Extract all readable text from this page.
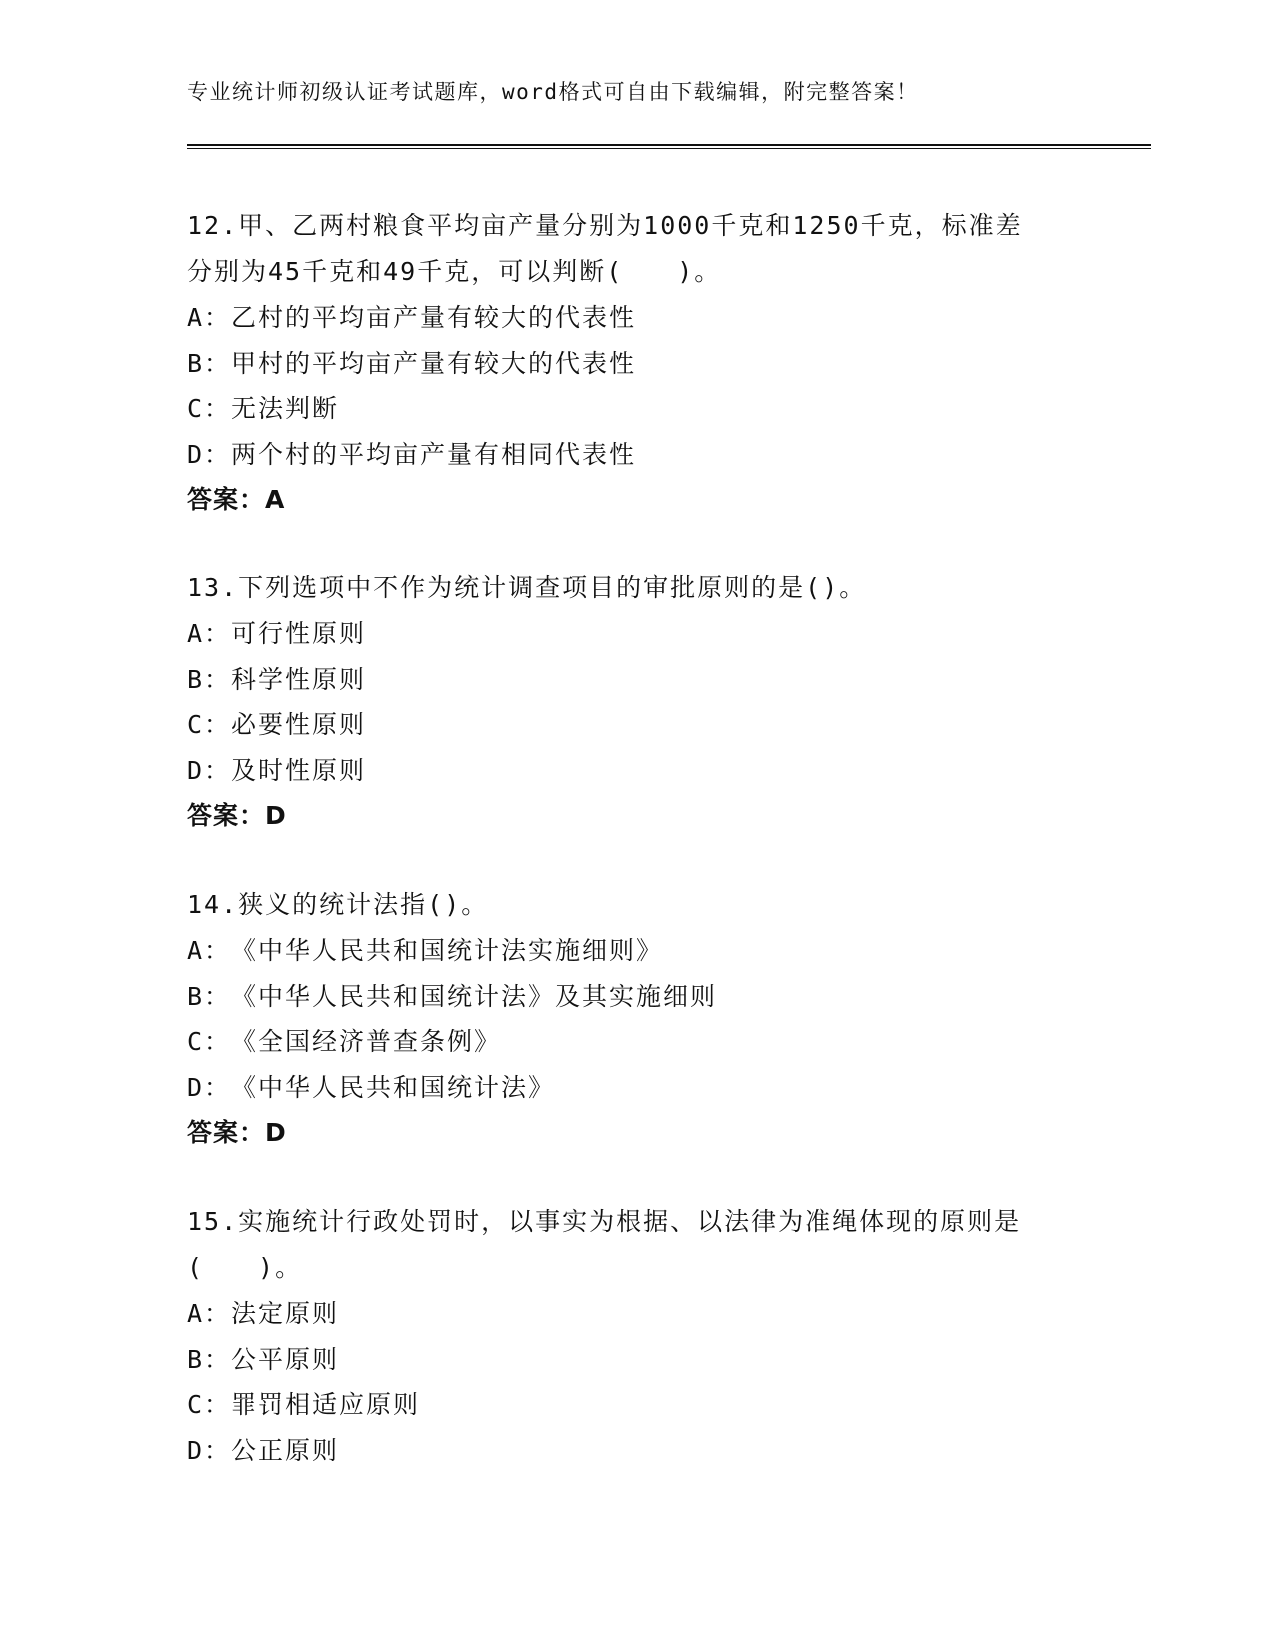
专业统计师初级认证考试题库，word格式可自由下载编辑，附完整答案！

12.甲、乙两村粮食平均亩产量分别为1000千克和1250千克，标准差

分别为45千克和49千克，可以判断(　　)。

A：乙村的平均亩产量有较大的代表性

B：甲村的平均亩产量有较大的代表性

C：无法判断

D：两个村的平均亩产量有相同代表性

答案：A

13.下列选项中不作为统计调查项目的审批原则的是()。

A：可行性原则

B：科学性原则

C：必要性原则

D：及时性原则

答案：D

14.狭义的统计法指()。

A：《中华人民共和国统计法实施细则》

B：《中华人民共和国统计法》及其实施细则

C：《全国经济普查条例》

D：《中华人民共和国统计法》

答案：D

15.实施统计行政处罚时，以事实为根据、以法律为准绳体现的原则是

(　　)。

A：法定原则

B：公平原则

C：罪罚相适应原则

D：公正原则
